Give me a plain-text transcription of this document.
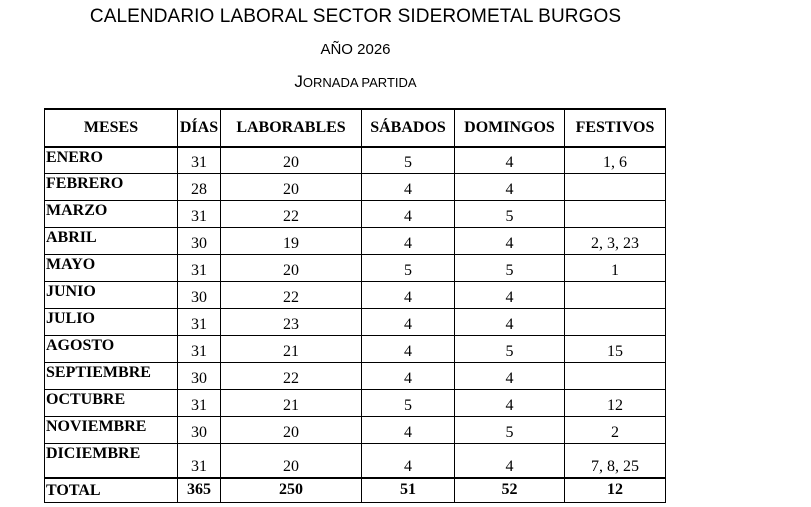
CALENDARIO LABORAL SECTOR SIDEROMETAL BURGOS
AÑO 2026
JORNADA PARTIDA
MESES	DÍAS	LABORABLES	SÁBADOS	DOMINGOS	FESTIVOS
ENERO	31	20	5	4	1, 6
FEBRERO	28	20	4	4	
MARZO	31	22	4	5	
ABRIL	30	19	4	4	2, 3, 23
MAYO	31	20	5	5	1
JUNIO	30	22	4	4	
JULIO	31	23	4	4	
AGOSTO	31	21	4	5	15
SEPTIEMBRE	30	22	4	4	
OCTUBRE	31	21	5	4	12
NOVIEMBRE	30	20	4	5	2
DICIEMBRE	31	20	4	4	7, 8, 25
TOTAL	365	250	51	52	12
